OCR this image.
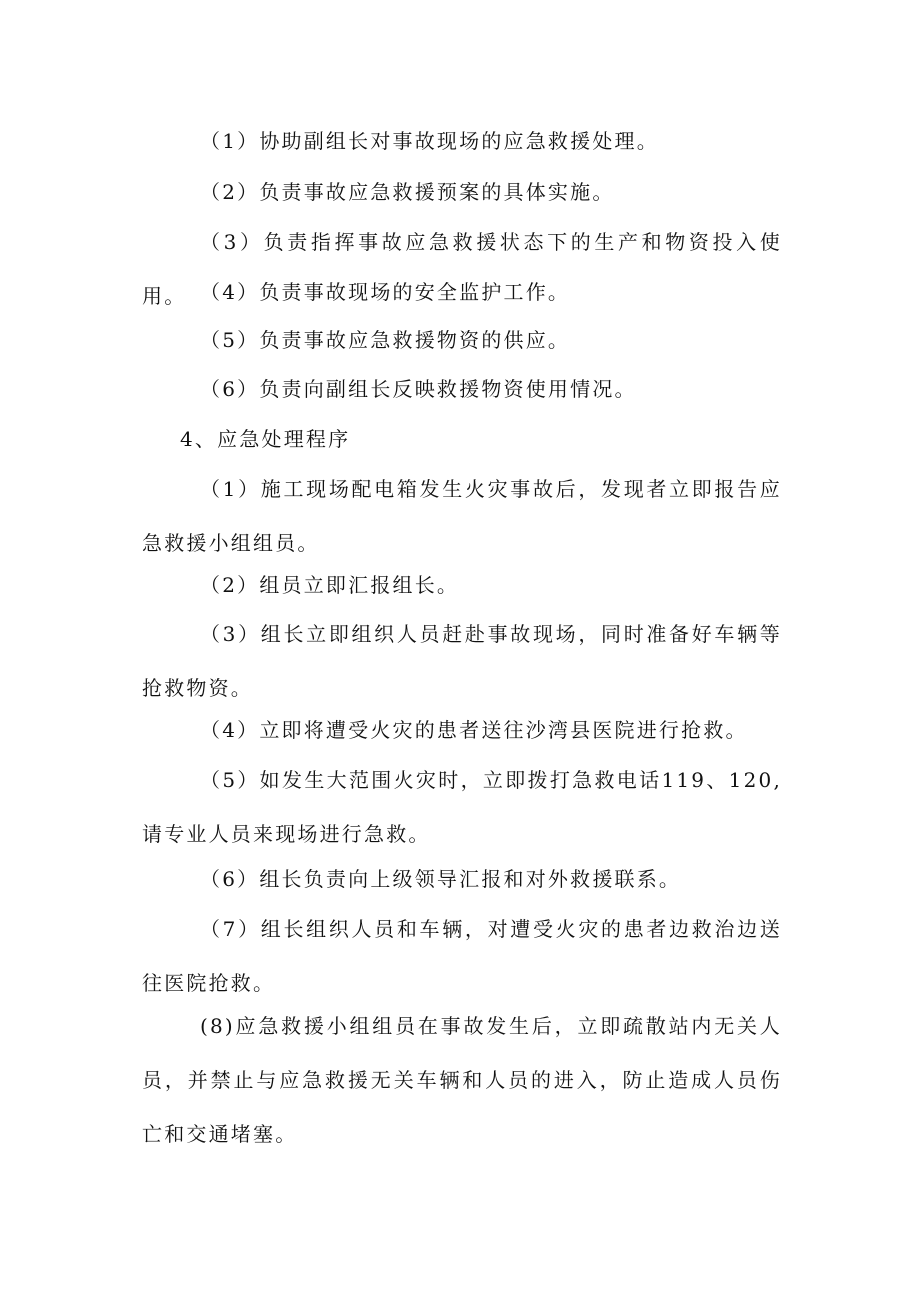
（1）协助副组长对事故现场的应急救援处理。

（2）负责事故应急救援预案的具体实施。

（3）负责指挥事故应急救援状态下的生产和物资投入使用。 （4）负责事故现场的安全监护工作。

（5）负责事故应急救援物资的供应。

（6）负责向副组长反映救援物资使用情况。

4、应急处理程序

（1）施工现场配电箱发生火灾事故后，发现者立即报告应急救援小组组员。

（2）组员立即汇报组长。

（3）组长立即组织人员赶赴事故现场，同时准备好车辆等抢救物资。

（4）立即将遭受火灾的患者送往沙湾县医院进行抢救。

（5）如发生大范围火灾时，立即拨打急救电话119、120,请专业人员来现场进行急救。

（6）组长负责向上级领导汇报和对外救援联系。

（7）组长组织人员和车辆，对遭受火灾的患者边救治边送往医院抢救。

(8)应急救援小组组员在事故发生后，立即疏散站内无关人员，并禁止与应急救援无关车辆和人员的进入，防止造成人员伤亡和交通堵塞。
